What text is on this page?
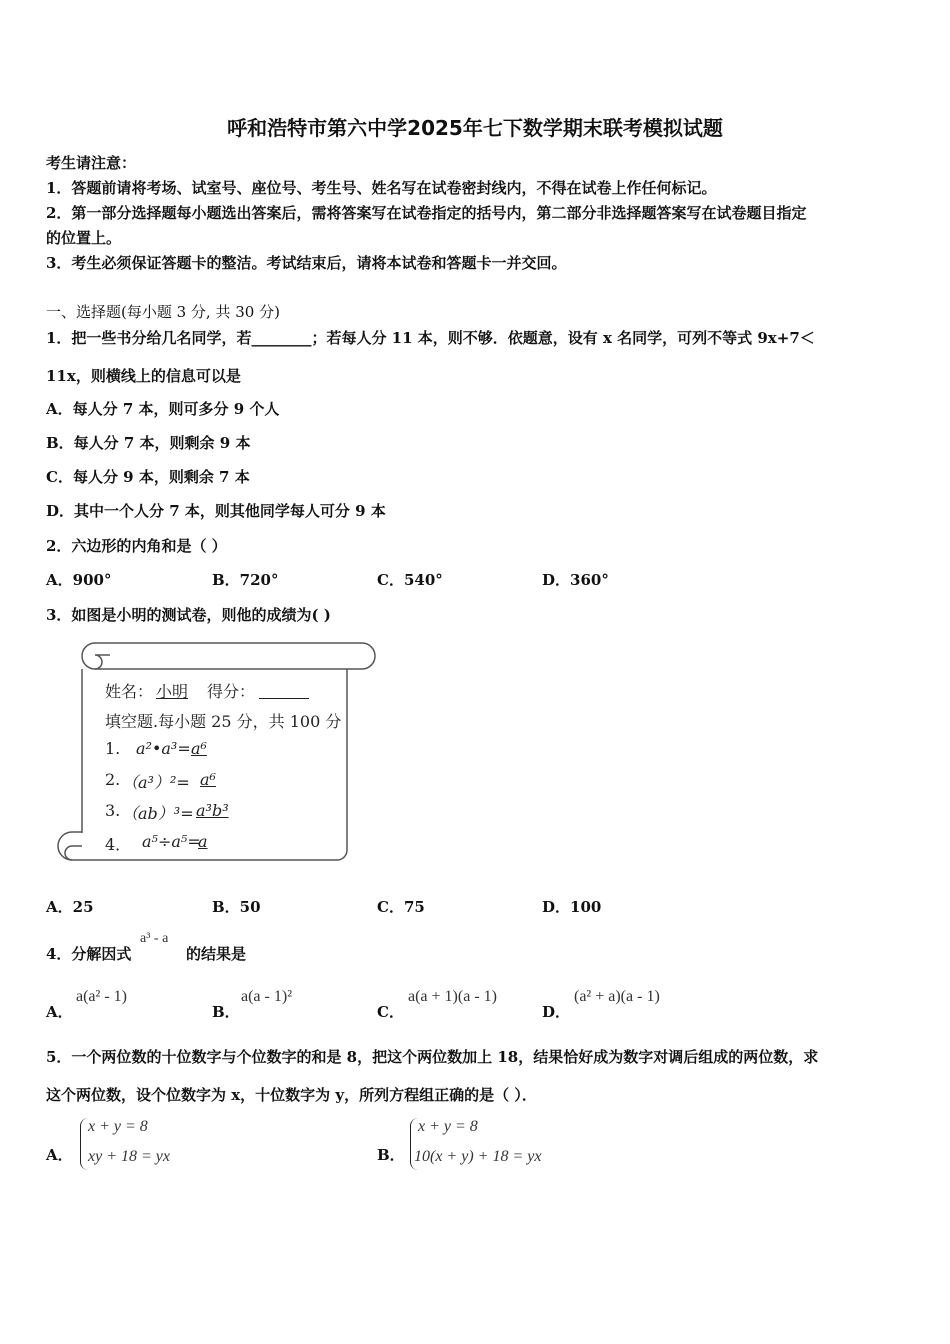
呼和浩特市第六中学2025年七下数学期末联考模拟试题
考生请注意：
1．答题前请将考场、试室号、座位号、考生号、姓名写在试卷密封线内，不得在试卷上作任何标记。
2．第一部分选择题每小题选出答案后，需将答案写在试卷指定的括号内，第二部分非选择题答案写在试卷题目指定
的位置上。
3．考生必须保证答题卡的整洁。考试结束后，请将本试卷和答题卡一并交回。
一、选择题(每小题 3 分, 共 30 分)
1．把一些书分给几名同学，若________；若每人分 11 本，则不够．依题意，设有 x 名同学，可列不等式 9x+7＜
11x，则横线上的信息可以是
A．每人分 7 本，则可多分 9 个人
B．每人分 7 本，则剩余 9 本
C．每人分 9 本，则剩余 7 本
D．其中一个人分 7 本，则其他同学每人可分 9 本
2．六边形的内角和是（ ）
A．900°	B．720°	C．540°	D．360°
3．如图是小明的测试卷，则他的成绩为( )
姓名： 小明 得分：
填空题.每小题 25 分，共 100 分
1. a²•a³= a⁶
2. （a³）²= a⁶
3. （ab）³= a³b³
4． a⁵÷a⁵=
a
A．25	B．50	C．75	D．100
4．分解因式
a³ - a
的结果是
A．
a(a² - 1)
B．
a(a - 1)²
C．
a(a + 1)(a - 1)
D．
(a² + a)(a - 1)
5．一个两位数的十位数字与个位数字的和是 8，把这个两位数加上 18，结果恰好成为数字对调后组成的两位数，求
这个两位数，设个位数字为 x，十位数字为 y，所列方程组正确的是（ ）．
A．
x + y = 8
xy + 18 = yx	B．
x + y = 8
10(x + y) + 18 = yx
